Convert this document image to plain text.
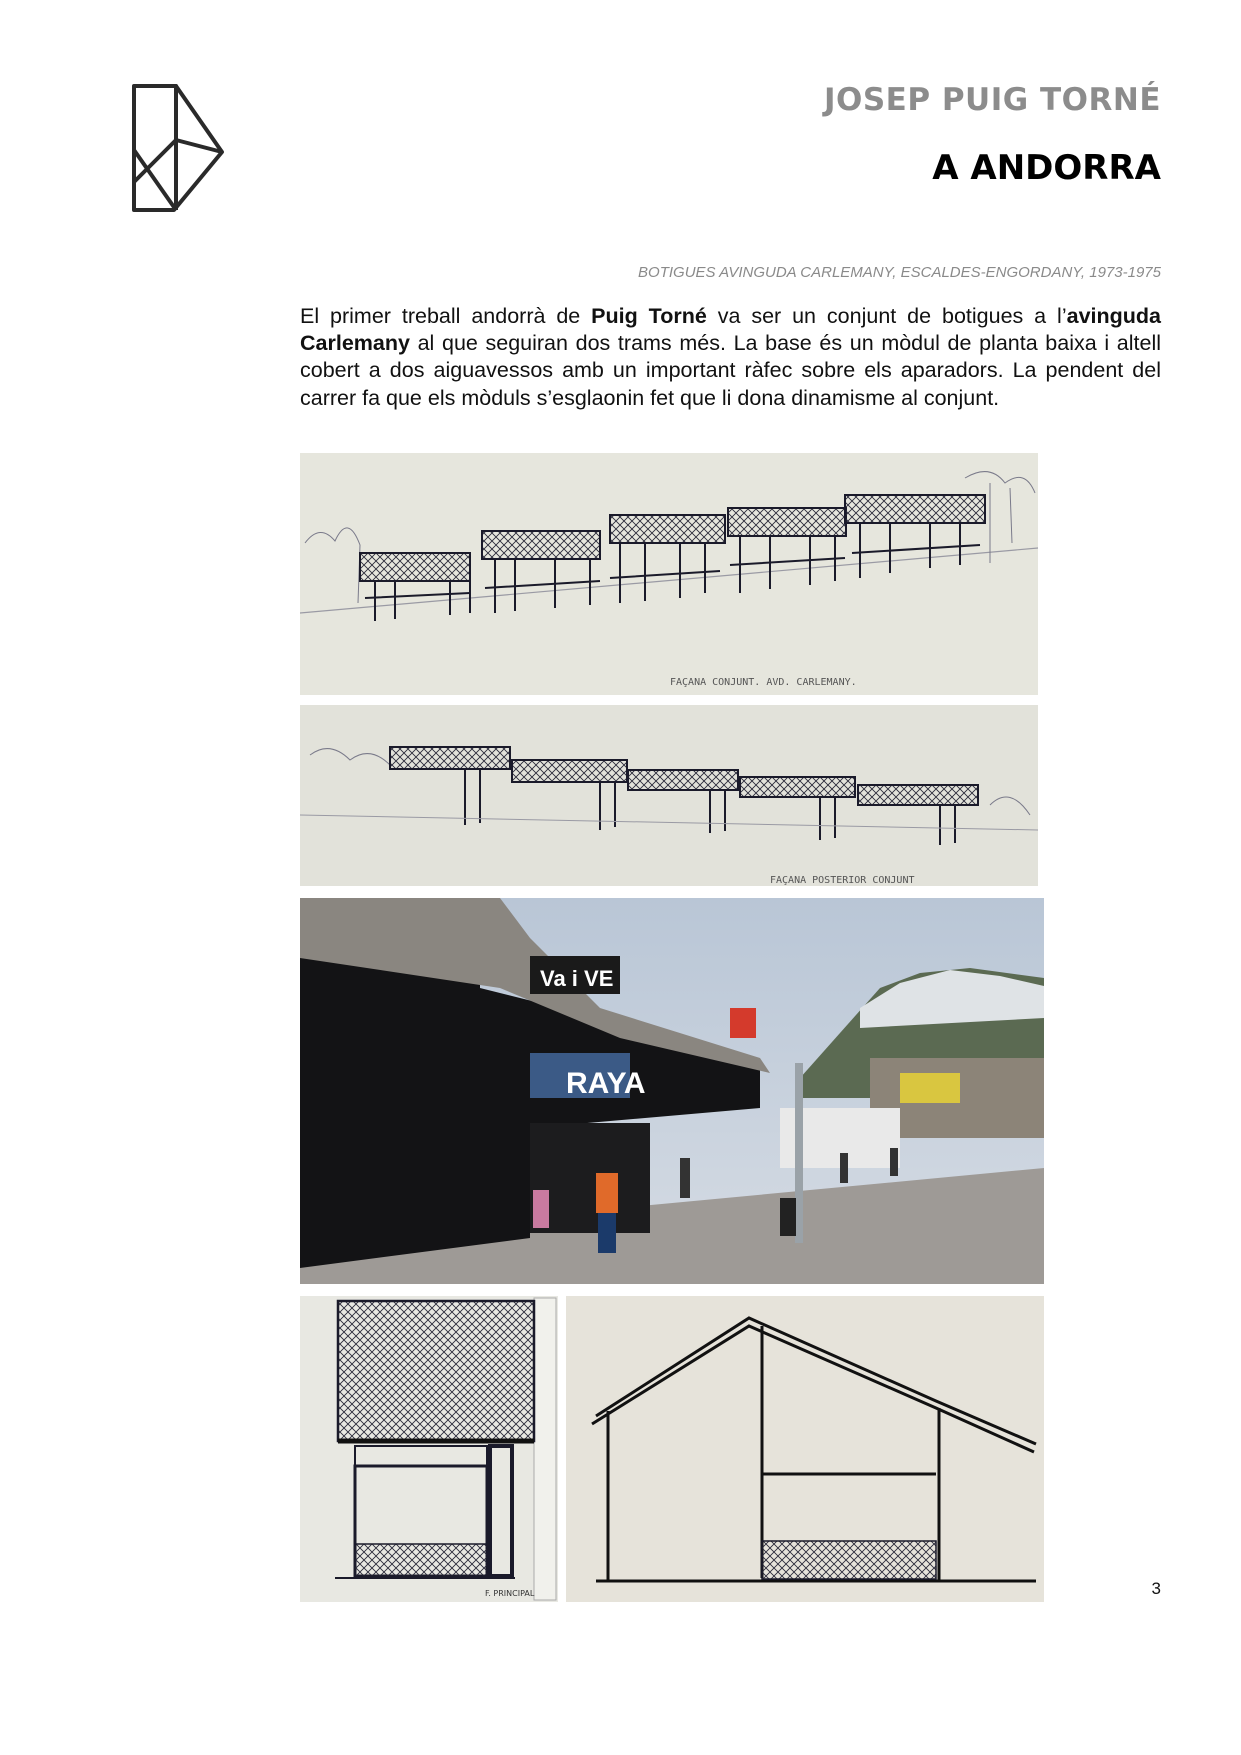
JOSEP PUIG TORNÉ
A ANDORRA
BOTIGUES AVINGUDA CARLEMANY, ESCALDES-ENGORDANY, 1973-1975
El primer treball andorrà de Puig Torné va ser un conjunt de botigues a l’avinguda Carlemany al que seguiran dos trams més. La base és un mòdul de planta baixa i altell cobert a dos aiguavessos amb un important ràfec sobre els aparadors. La pendent del carrer fa que els mòduls s’esglaonin fet que li dona dinamisme al conjunt.
FAÇANA CONJUNT. AVD. CARLEMANY.
FAÇANA POSTERIOR CONJUNT
Va i VE
RAYA
F. PRINCIPAL	3
